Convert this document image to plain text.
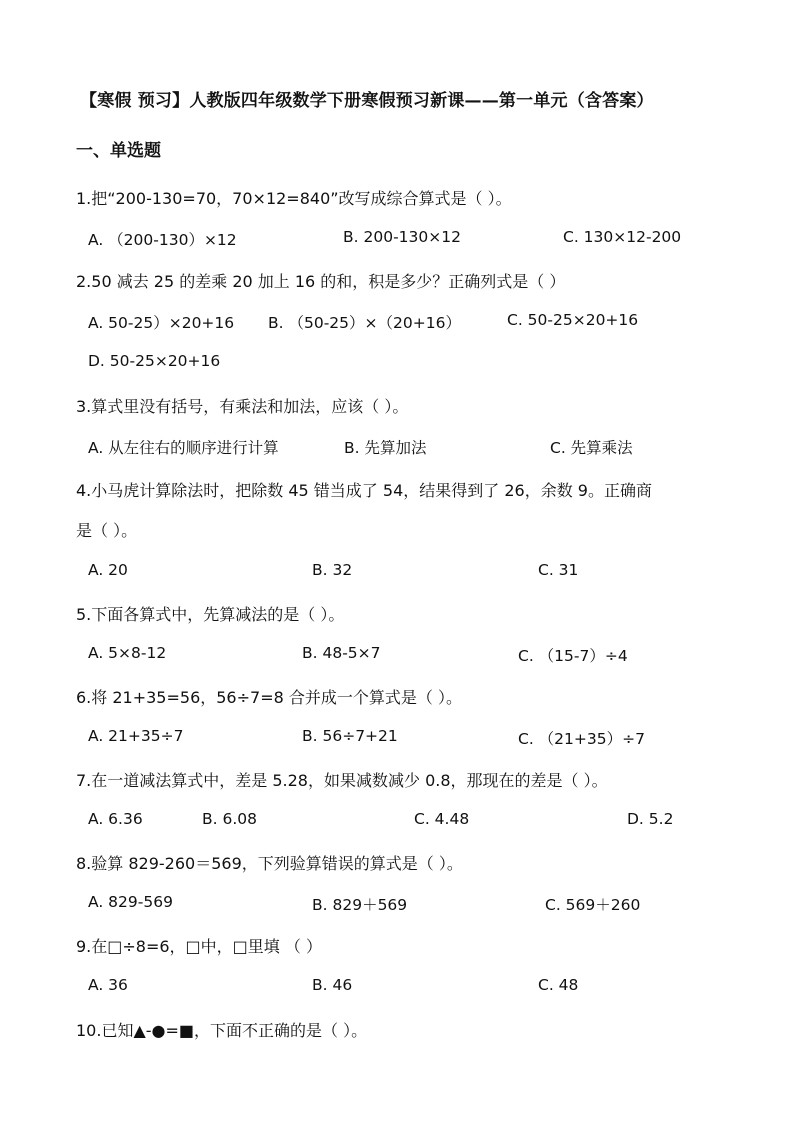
【寒假 预习】人教版四年级数学下册寒假预习新课——第一单元（含答案）
一、单选题
1.把“200-130=70，70×12=840”改写成综合算式是（ ）。
A. （200-130）×12	B. 200-130×12	C. 130×12-200
2.50 减去 25 的差乘 20 加上 16 的和，积是多少？正确列式是（ ）
A. 50-25）×20+16 B. （50-25）×（20+16）	C. 50-25×20+16
D. 50-25×20+16
3.算式里没有括号，有乘法和加法，应该（ ）。
A. 从左往右的顺序进行计算	B. 先算加法	C. 先算乘法
4.小马虎计算除法时，把除数 45 错当成了 54，结果得到了 26，余数 9。正确商
是（ ）。
A. 20	B. 32	C. 31
5.下面各算式中，先算减法的是（ ）。
A. 5×8-12	B. 48-5×7	C. （15-7）÷4
6.将 21+35=56，56÷7=8 合并成一个算式是（ ）。
A. 21+35÷7	B. 56÷7+21	C. （21+35）÷7
7.在一道减法算式中，差是 5.28，如果减数减少 0.8，那现在的差是（ ）。
A. 6.36	B. 6.08	C. 4.48	D. 5.2
8.验算 829-260＝569，下列验算错误的算式是（ ）。
A. 829-569	B. 829＋569	C. 569＋260
9.在□÷8=6，□中，□里填 （ ）
A. 36	B. 46	C. 48
10.已知▲-●=■，下面不正确的是（ ）。
